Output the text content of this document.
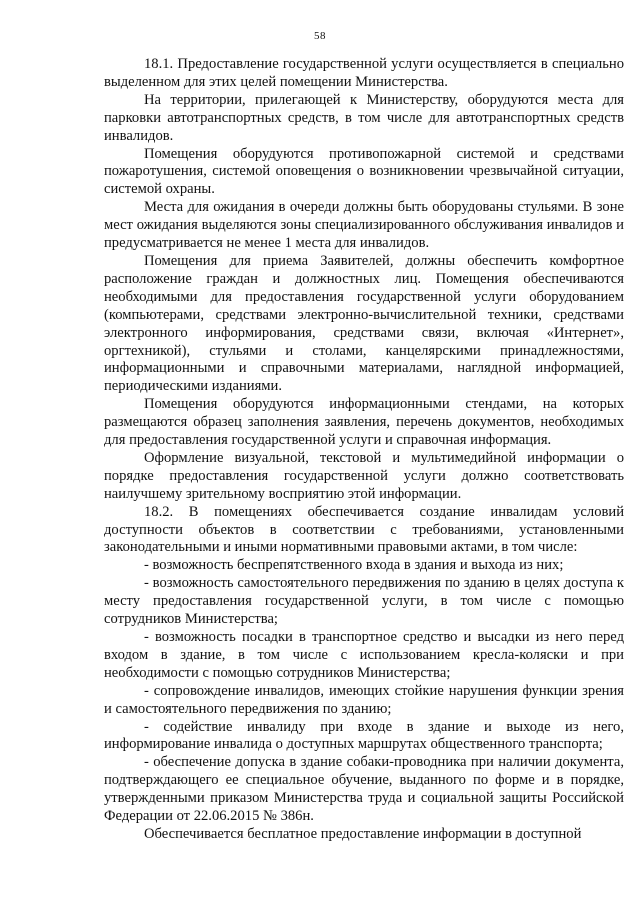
58

18.1. Предоставление государственной услуги осуществляется в специально выделенном для этих целей помещении Министерства.

На территории, прилегающей к Министерству, оборудуются места для парковки автотранспортных средств, в том числе для автотранспортных средств инвалидов.

Помещения оборудуются противопожарной системой и средствами пожаротушения, системой оповещения о возникновении чрезвычайной ситуации, системой охраны.

Места для ожидания в очереди должны быть оборудованы стульями. В зоне мест ожидания выделяются зоны специализированного обслуживания инвалидов и предусматривается не менее 1 места для инвалидов.

Помещения для приема Заявителей, должны обеспечить комфортное расположение граждан и должностных лиц. Помещения обеспечиваются необходимыми для предоставления государственной услуги оборудованием (компьютерами, средствами электронно-вычислительной техники, средствами электронного информирования, средствами связи, включая «Интернет», оргтехникой), стульями и столами, канцелярскими принадлежностями, информационными и справочными материалами, наглядной информацией, периодическими изданиями.

Помещения оборудуются информационными стендами, на которых размещаются образец заполнения заявления, перечень документов, необходимых для предоставления государственной услуги и справочная информация.

Оформление визуальной, текстовой и мультимедийной информации о порядке предоставления государственной услуги должно соответствовать наилучшему зрительному восприятию этой информации.

18.2. В помещениях обеспечивается создание инвалидам условий доступности объектов в соответствии с требованиями, установленными законодательными и иными нормативными правовыми актами, в том числе:

- возможность беспрепятственного входа в здания и выхода из них;

- возможность самостоятельного передвижения по зданию в целях доступа к месту предоставления государственной услуги, в том числе с помощью сотрудников Министерства;

- возможность посадки в транспортное средство и высадки из него перед входом в здание, в том числе с использованием кресла-коляски и при необходимости с помощью сотрудников Министерства;

- сопровождение инвалидов, имеющих стойкие нарушения функции зрения и самостоятельного передвижения по зданию;

- содействие инвалиду при входе в здание и выходе из него, информирование инвалида о доступных маршрутах общественного транспорта;

- обеспечение допуска в здание собаки-проводника при наличии документа, подтверждающего ее специальное обучение, выданного по форме и в порядке, утвержденными приказом Министерства труда и социальной защиты Российской Федерации от 22.06.2015 № 386н.

Обеспечивается бесплатное предоставление информации в доступной
